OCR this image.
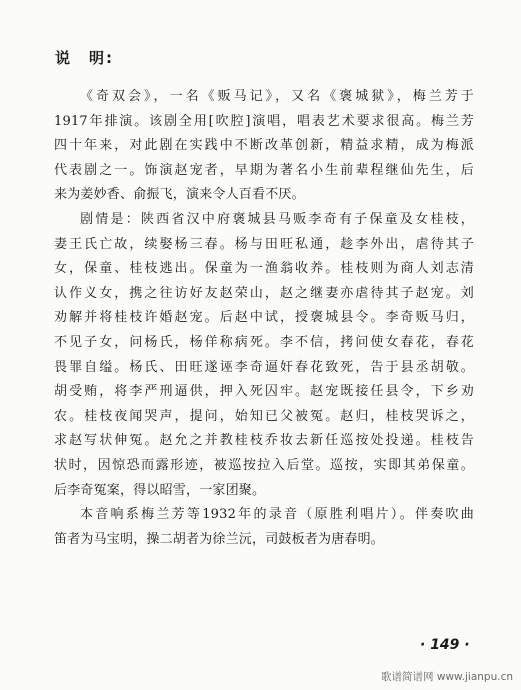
说　明:
《奇双会》，一名《贩马记》，又名《褒城狱》，梅兰芳于
1917年排演。该剧全用[吹腔]演唱，唱表艺术要求很高。梅兰芳
四十年来，对此剧在实践中不断改革创新，精益求精，成为梅派
代表剧之一。饰演赵宠者，早期为著名小生前辈程继仙先生，后
来为姜妙香、俞振飞，演来令人百看不厌。
剧情是：陕西省汉中府褒城县马贩李奇有子保童及女桂枝，
妻王氏亡故，续娶杨三春。杨与田旺私通，趁李外出，虐待其子
女，保童、桂枝逃出。保童为一渔翁收养。桂枝则为商人刘志清
认作义女，携之往访好友赵荣山，赵之继妻亦虐待其子赵宠。刘
劝解并将桂枝许婚赵宠。后赵中试，授褒城县令。李奇贩马归，
不见子女，问杨氏，杨佯称病死。李不信，拷问使女春花，春花
畏罪自缢。杨氏、田旺遂诬李奇逼奸春花致死，告于县丞胡敬。
胡受贿，将李严刑逼供，押入死囚牢。赵宠既接任县令，下乡劝
农。桂枝夜闻哭声，提问，始知已父被冤。赵归，桂枝哭诉之，
求赵写状伸冤。赵允之并教桂枝乔妆去新任巡按处投递。桂枝告
状时，因惊恐而露形迹，被巡按拉入后堂。巡按，实即其弟保童。
后李奇冤案，得以昭雪，一家团聚。
本音响系梅兰芳等1932年的录音（原胜利唱片）。伴奏吹曲
笛者为马宝明，操二胡者为徐兰沅，司鼓板者为唐春明。
· 149 ·
歌谱简谱网 www.jianpu.cn
